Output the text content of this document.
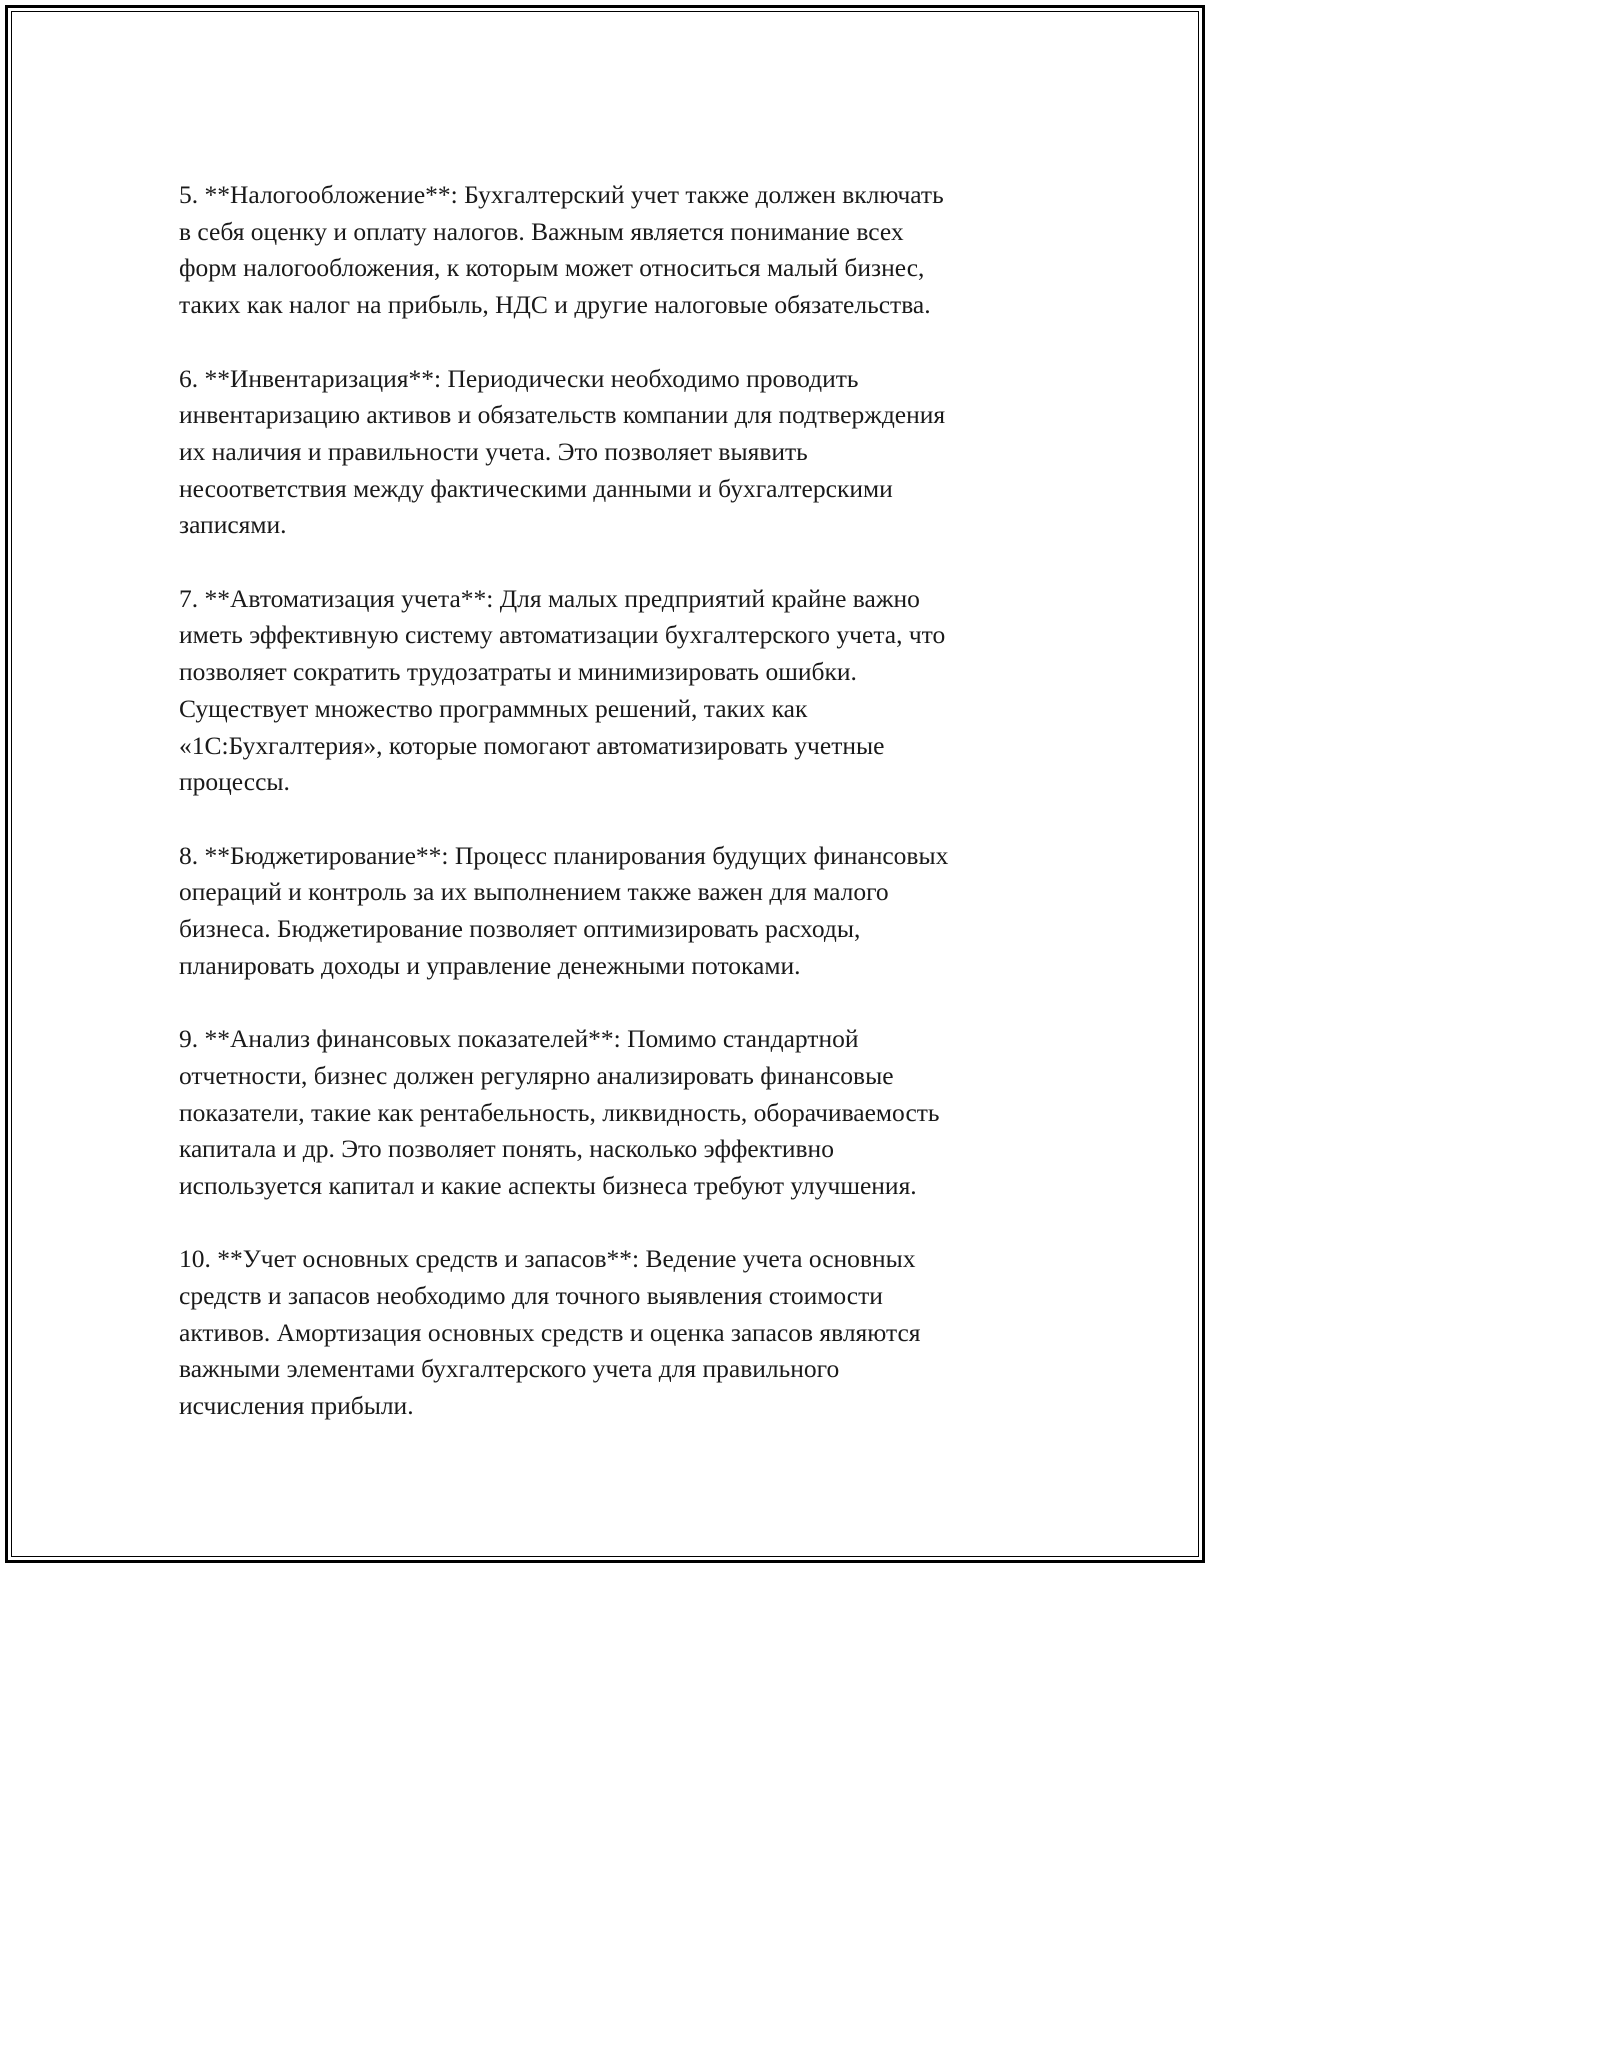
5. **Налогообложение**: Бухгалтерский учет также должен включать
в себя оценку и оплату налогов. Важным является понимание всех
форм налогообложения, к которым может относиться малый бизнес,
таких как налог на прибыль, НДС и другие налоговые обязательства.

6. **Инвентаризация**: Периодически необходимо проводить
инвентаризацию активов и обязательств компании для подтверждения
их наличия и правильности учета. Это позволяет выявить
несоответствия между фактическими данными и бухгалтерскими
записями.

7. **Автоматизация учета**: Для малых предприятий крайне важно
иметь эффективную систему автоматизации бухгалтерского учета, что
позволяет сократить трудозатраты и минимизировать ошибки.
Существует множество программных решений, таких как
«1С:Бухгалтерия», которые помогают автоматизировать учетные
процессы.

8. **Бюджетирование**: Процесс планирования будущих финансовых
операций и контроль за их выполнением также важен для малого
бизнеса. Бюджетирование позволяет оптимизировать расходы,
планировать доходы и управление денежными потоками.

9. **Анализ финансовых показателей**: Помимо стандартной
отчетности, бизнес должен регулярно анализировать финансовые
показатели, такие как рентабельность, ликвидность, оборачиваемость
капитала и др. Это позволяет понять, насколько эффективно
используется капитал и какие аспекты бизнеса требуют улучшения.

10. **Учет основных средств и запасов**: Ведение учета основных
средств и запасов необходимо для точного выявления стоимости
активов. Амортизация основных средств и оценка запасов являются
важными элементами бухгалтерского учета для правильного
исчисления прибыли.
